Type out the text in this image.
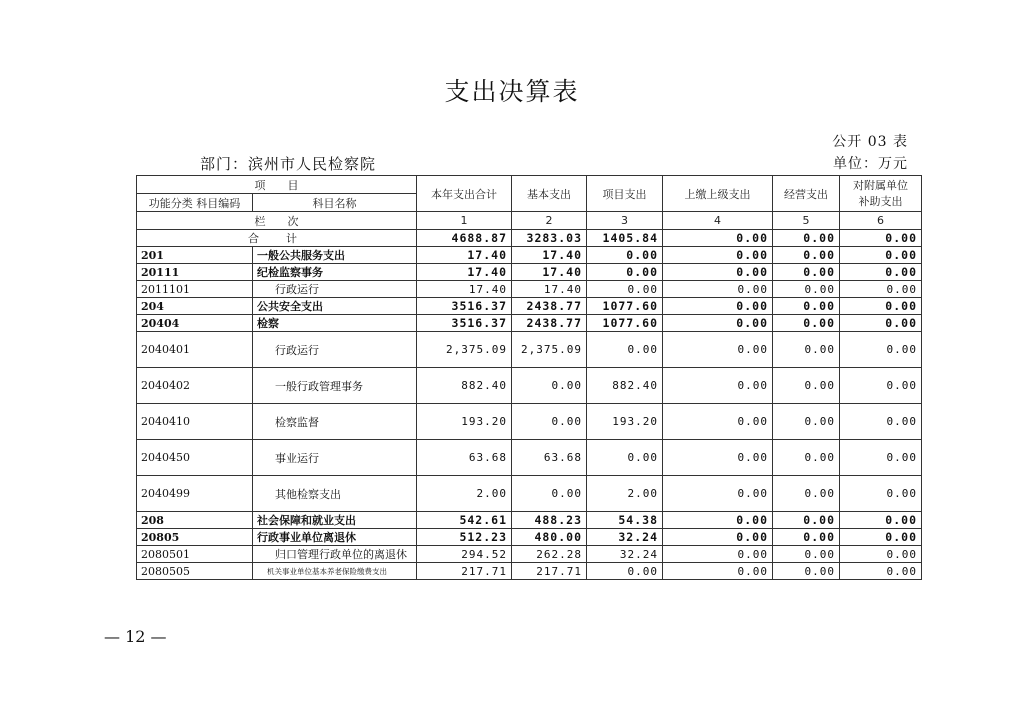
支出决算表
公开 03 表
部门：滨州市人民检察院	单位：万元
项　　目		本年支出合计	基本支出	项目支出	上缴上级支出	经营支出	对附属单位
补助支出

功能分类 科目编码	科目名称						
栏　　次		1	2	3	4	5	6
合　计		4688.87	3283.03	1405.84	0.00	0.00	0.00
201	一般公共服务支出	17.40	17.40	0.00	0.00	0.00	0.00
20111	纪检监察事务	17.40	17.40	0.00	0.00	0.00	0.00
2011101	行政运行	17.40	17.40	0.00	0.00	0.00	0.00
204	公共安全支出	3516.37	2438.77	1077.60	0.00	0.00	0.00
20404	检察	3516.37	2438.77	1077.60	0.00	0.00	0.00
2040401	行政运行	2,375.09	2,375.09	0.00	0.00	0.00	0.00
2040402	一般行政管理事务	882.40	0.00	882.40	0.00	0.00	0.00
2040410	检察监督	193.20	0.00	193.20	0.00	0.00	0.00
2040450	事业运行	63.68	63.68	0.00	0.00	0.00	0.00
2040499	其他检察支出	2.00	0.00	2.00	0.00	0.00	0.00
208	社会保障和就业支出	542.61	488.23	54.38	0.00	0.00	0.00
20805	行政事业单位离退休	512.23	480.00	32.24	0.00	0.00	0.00
2080501	归口管理行政单位的离退休	294.52	262.28	32.24	0.00	0.00	0.00
2080505	机关事业单位基本养老保险缴费支出	217.71	217.71	0.00	0.00	0.00	0.00
— 12 —
